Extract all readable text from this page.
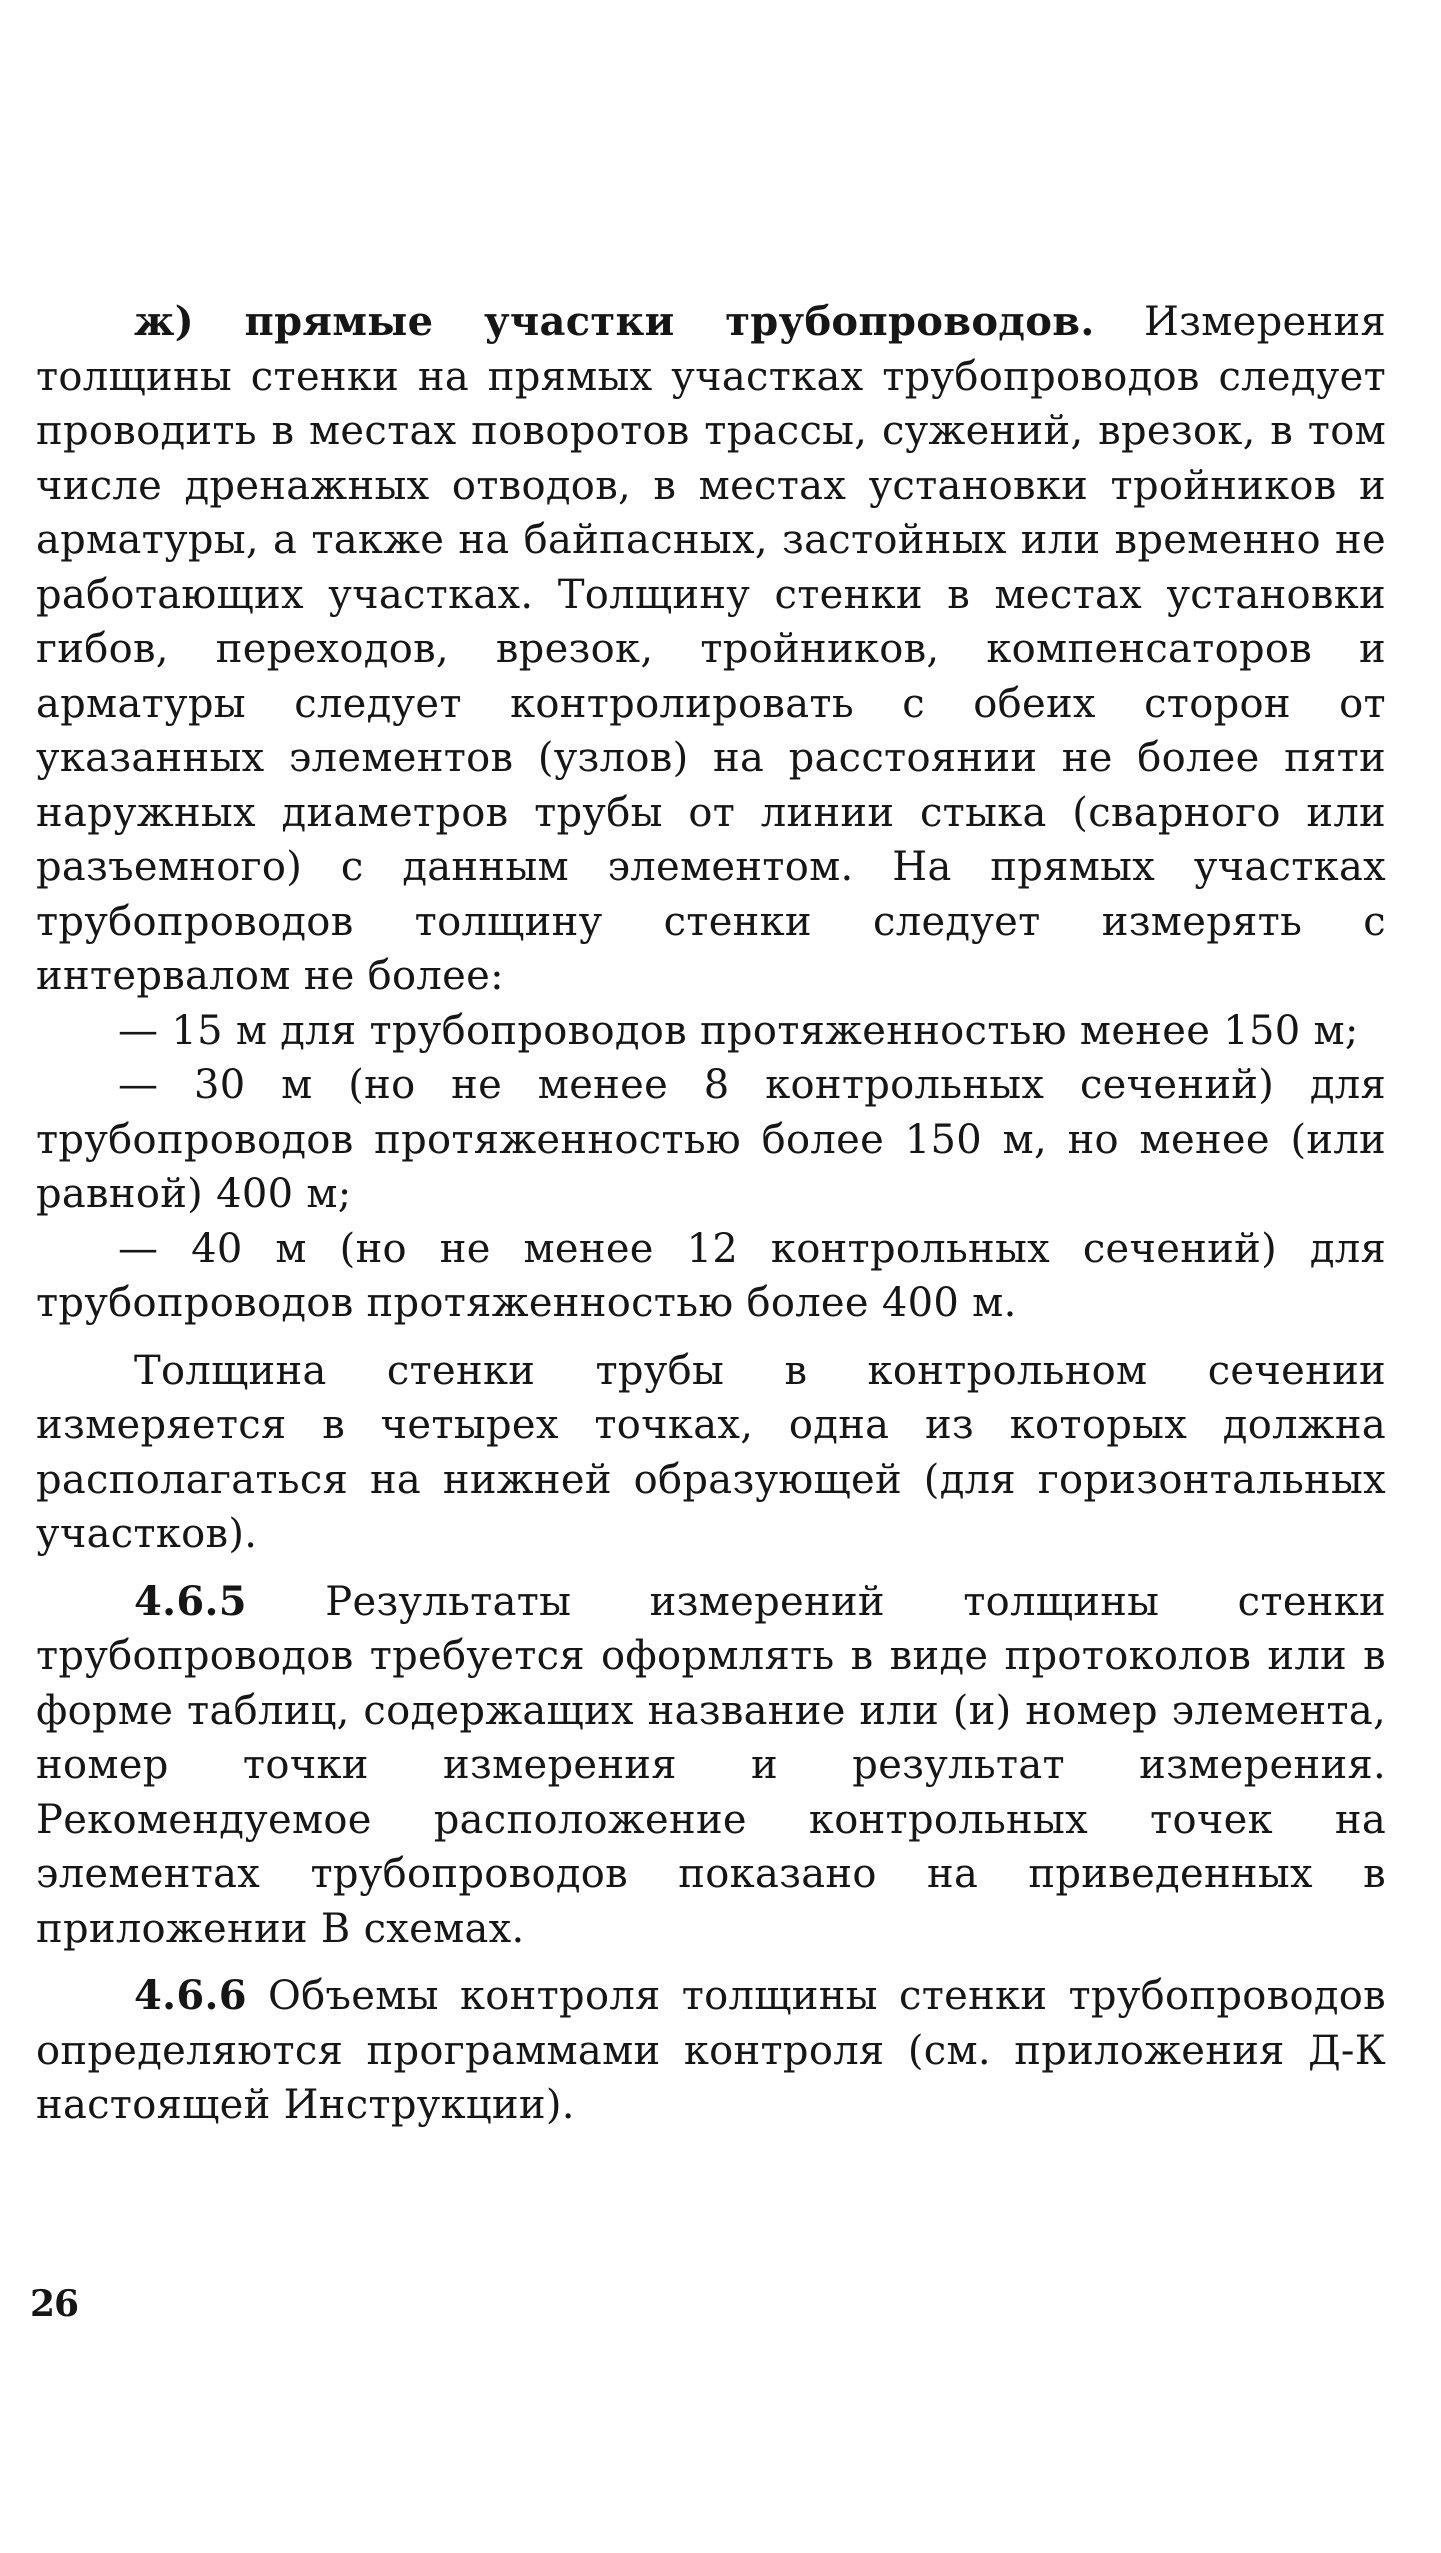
ж) прямые участки трубопроводов. Измерения толщины стенки на прямых участках трубопроводов следует проводить в местах поворотов трассы, сужений, врезок, в том числе дренажных отводов, в местах установки тройников и арматуры, а также на байпасных, застойных или временно не работающих участках. Толщину стенки в местах установки гибов, переходов, врезок, тройников, компенсаторов и арматуры следует контролировать с обеих сторон от указанных элементов (узлов) на расстоянии не более пяти наружных диаметров трубы от линии стыка (сварного или разъемного) с данным элементом. На прямых участках трубопроводов толщину стенки следует измерять с интервалом не более:

— 15 м для трубопроводов протяженностью менее 150 м;

— 30 м (но не менее 8 контрольных сечений) для трубопроводов протяженностью более 150 м, но менее (или равной) 400 м;

— 40 м (но не менее 12 контрольных сечений) для трубопроводов протяженностью более 400 м.

Толщина стенки трубы в контрольном сечении измеряется в четырех точках, одна из которых должна располагаться на нижней образующей (для горизонтальных участков).

4.6.5 Результаты измерений толщины стенки трубопроводов требуется оформлять в виде протоколов или в форме таблиц, содержащих название или (и) номер элемента, номер точки измерения и результат измерения. Рекомендуемое расположение контрольных точек на элементах трубопроводов показано на приведенных в приложении В схемах.

4.6.6 Объемы контроля толщины стенки трубопроводов определяются программами контроля (см. приложения Д-К настоящей Инструкции).

26
